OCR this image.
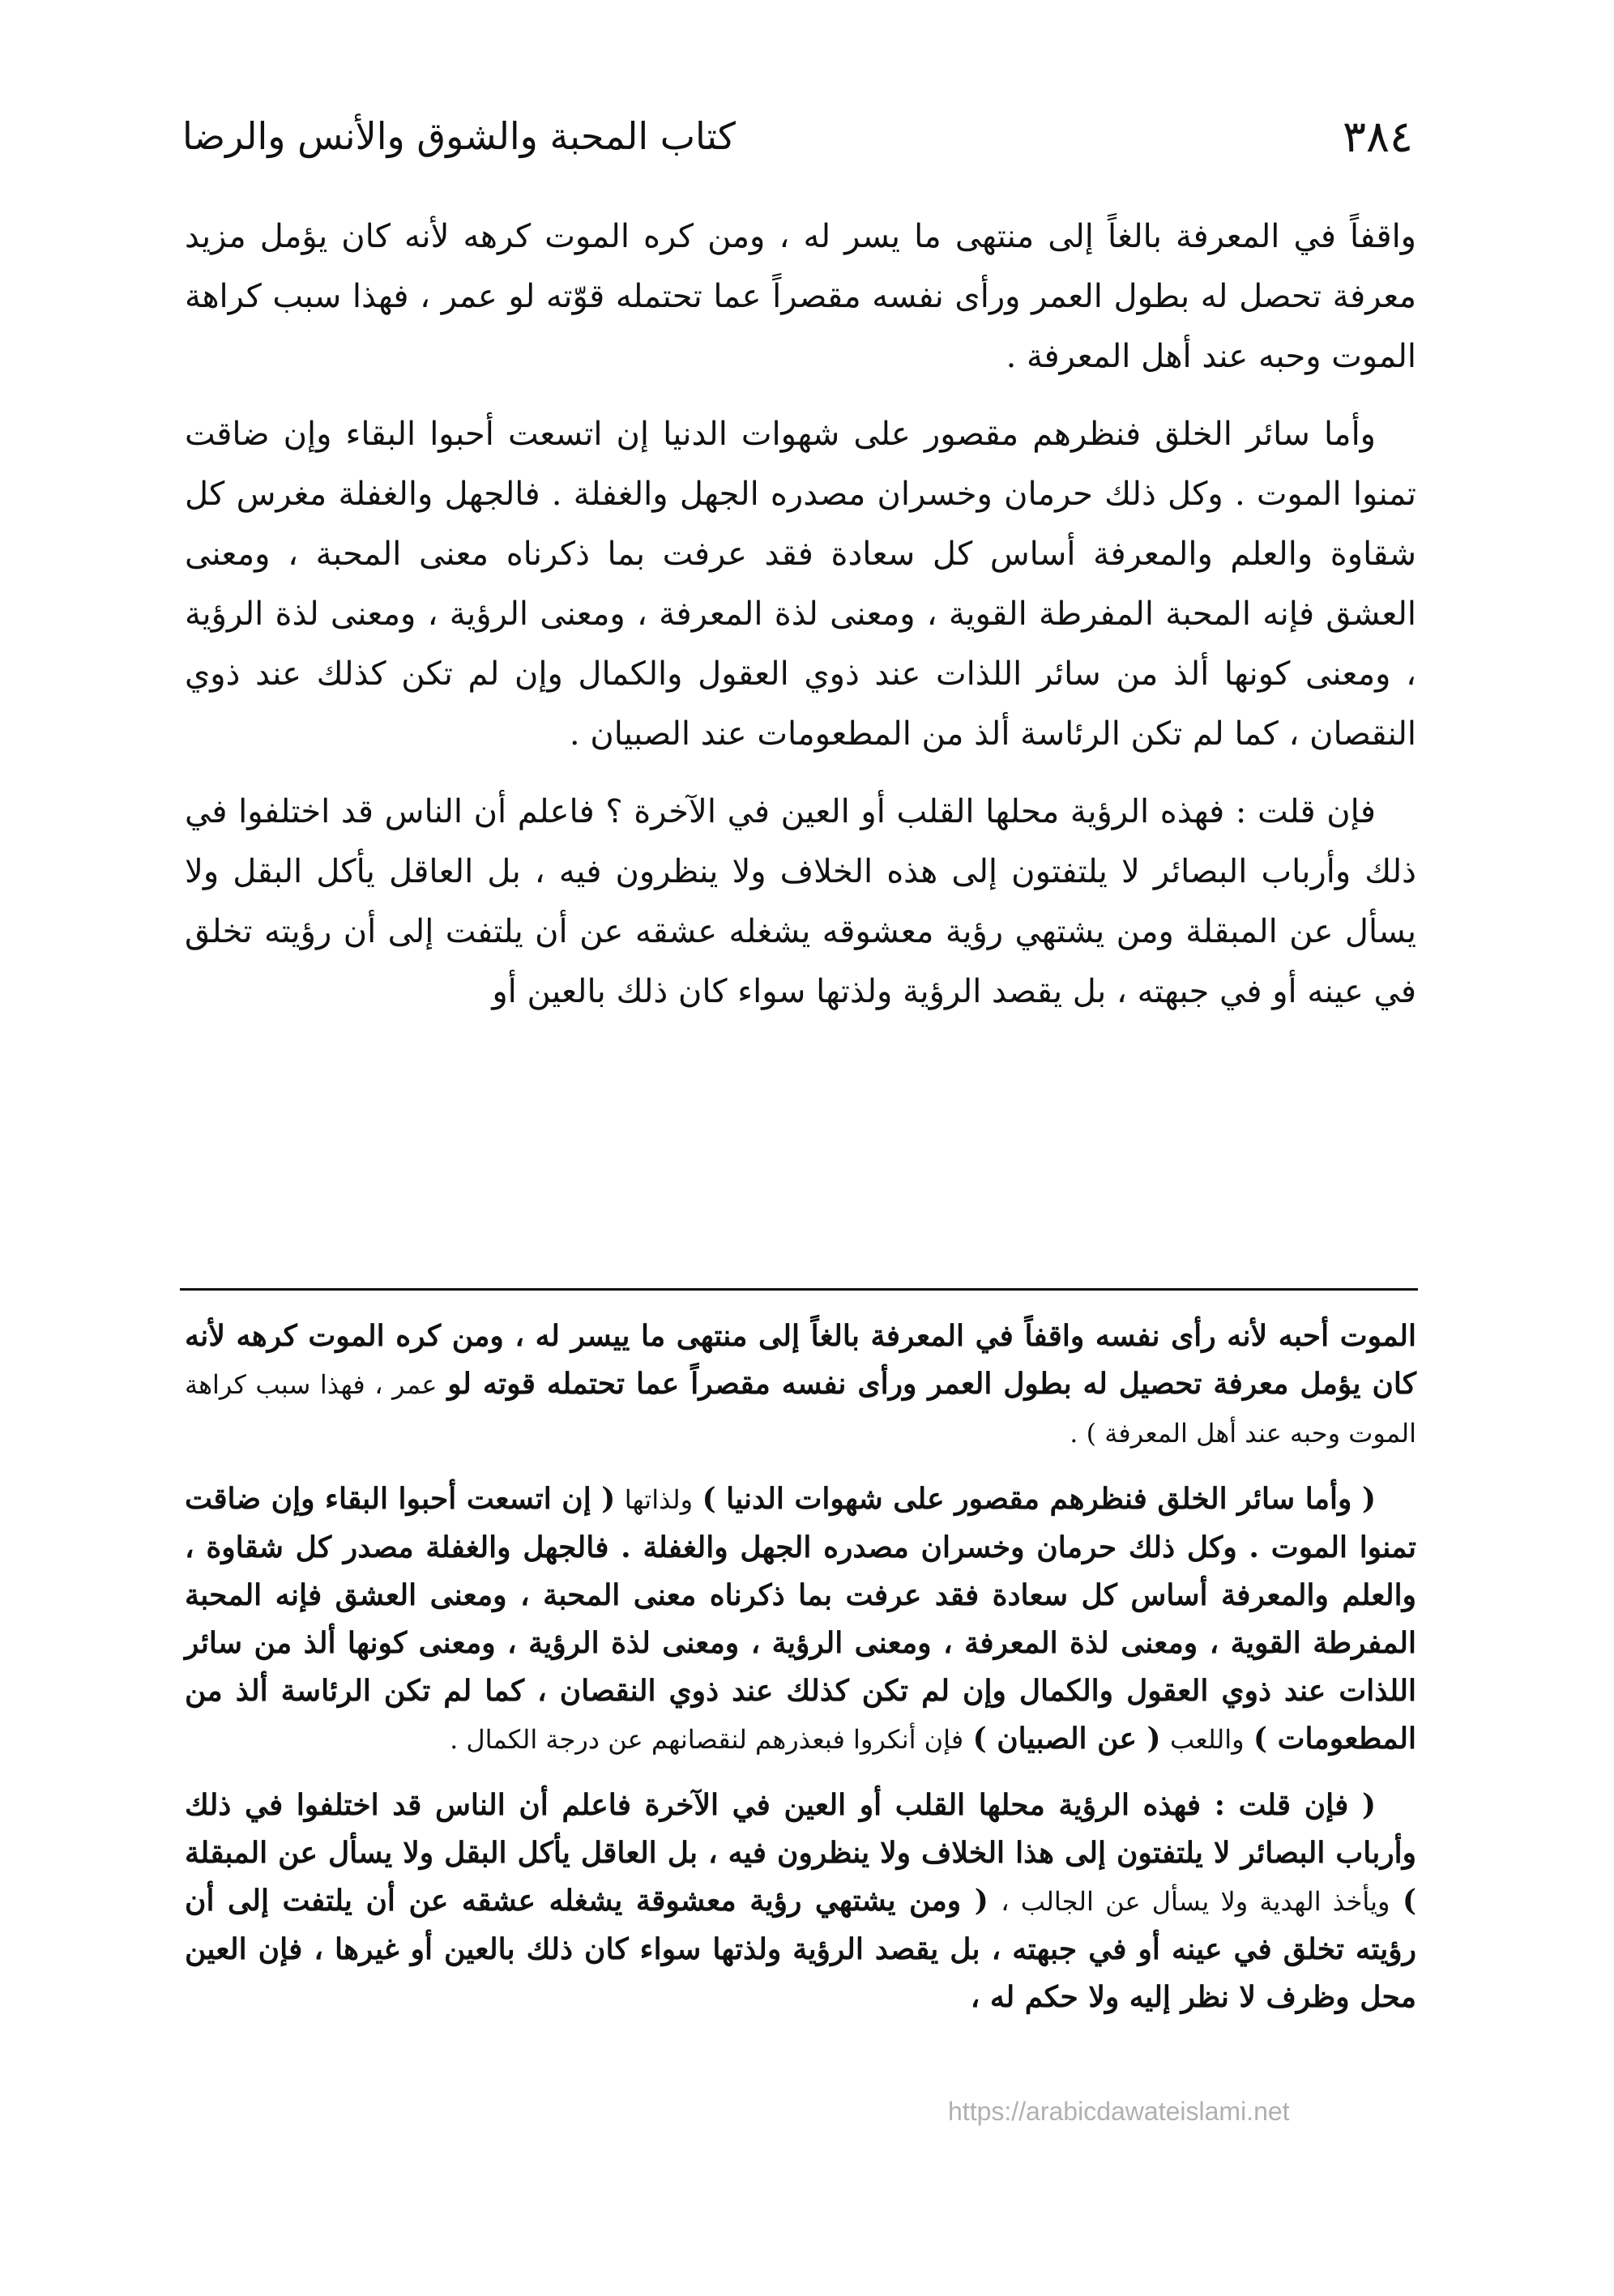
٣٨٤
كتاب المحبة والشوق والأنس والرضا

واقفاً في المعرفة بالغاً إلى منتهى ما يسر له ، ومن كره الموت كرهه لأنه كان يؤمل مزيد معرفة تحصل له بطول العمر ورأى نفسه مقصراً عما تحتمله قوّته لو عمر ، فهذا سبب كراهة الموت وحبه عند أهل المعرفة .

وأما سائر الخلق فنظرهم مقصور على شهوات الدنيا إن اتسعت أحبوا البقاء وإن ضاقت تمنوا الموت . وكل ذلك حرمان وخسران مصدره الجهل والغفلة . فالجهل والغفلة مغرس كل شقاوة والعلم والمعرفة أساس كل سعادة فقد عرفت بما ذكرناه معنى المحبة ، ومعنى العشق فإنه المحبة المفرطة القوية ، ومعنى لذة المعرفة ، ومعنى الرؤية ، ومعنى لذة الرؤية ، ومعنى كونها ألذ من سائر اللذات عند ذوي العقول والكمال وإن لم تكن كذلك عند ذوي النقصان ، كما لم تكن الرئاسة ألذ من المطعومات عند الصبيان .

فإن قلت : فهذه الرؤية محلها القلب أو العين في الآخرة ؟ فاعلم أن الناس قد اختلفوا في ذلك وأرباب البصائر لا يلتفتون إلى هذه الخلاف ولا ينظرون فيه ، بل العاقل يأكل البقل ولا يسأل عن المبقلة ومن يشتهي رؤية معشوقه يشغله عشقه عن أن يلتفت إلى أن رؤيته تخلق في عينه أو في جبهته ، بل يقصد الرؤية ولذتها سواء كان ذلك بالعين أو

الموت أحبه لأنه رأى نفسه واقفاً في المعرفة بالغاً إلى منتهى ما ييسر له ، ومن كره الموت كرهه لأنه كان يؤمل معرفة تحصيل له بطول العمر ورأى نفسه مقصراً عما تحتمله قوته لو عمر ، فهذا سبب كراهة الموت وحبه عند أهل المعرفة ) .

( وأما سائر الخلق فنظرهم مقصور على شهوات الدنيا ) ولذاتها ( إن اتسعت أحبوا البقاء وإن ضاقت تمنوا الموت . وكل ذلك حرمان وخسران مصدره الجهل والغفلة . فالجهل والغفلة مصدر كل شقاوة ، والعلم والمعرفة أساس كل سعادة فقد عرفت بما ذكرناه معنى المحبة ، ومعنى العشق فإنه المحبة المفرطة القوية ، ومعنى لذة المعرفة ، ومعنى الرؤية ، ومعنى لذة الرؤية ، ومعنى كونها ألذ من سائر اللذات عند ذوي العقول والكمال وإن لم تكن كذلك عند ذوي النقصان ، كما لم تكن الرئاسة ألذ من المطعومات ) واللعب ( عن الصبيان ) فإن أنكروا فبعذرهم لنقصانهم عن درجة الكمال .

( فإن قلت : فهذه الرؤية محلها القلب أو العين في الآخرة فاعلم أن الناس قد اختلفوا في ذلك وأرباب البصائر لا يلتفتون إلى هذا الخلاف ولا ينظرون فيه ، بل العاقل يأكل البقل ولا يسأل عن المبقلة ) ويأخذ الهدية ولا يسأل عن الجالب ، ( ومن يشتهي رؤية معشوقة يشغله عشقه عن أن يلتفت إلى أن رؤيته تخلق في عينه أو في جبهته ، بل يقصد الرؤية ولذتها سواء كان ذلك بالعين أو غيرها ، فإن العين محل وظرف لا نظر إليه ولا حكم له ،

https://arabicdawateislami.net
